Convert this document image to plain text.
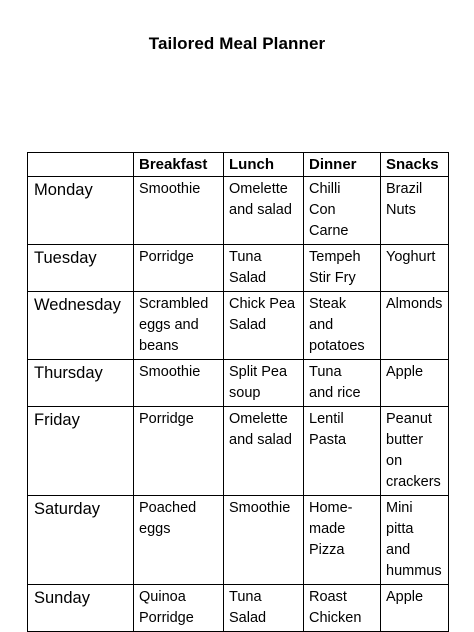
Tailored Meal Planner
	Breakfast	Lunch	Dinner	Snacks
Monday	Smoothie	Omelette
and salad	Chilli
Con
Carne	Brazil
Nuts

Tuesday	Porridge	Tuna
Salad	Tempeh
Stir Fry	Yoghurt

Wednesday	Scrambled
eggs and
beans	Chick Pea
Salad	Steak
and
potatoes	Almonds

Thursday	Smoothie	Split Pea
soup	Tuna
and rice	Apple

Friday	Porridge	Omelette
and salad	Lentil
Pasta	Peanut
butter
on
crackers

Saturday	Poached
eggs	Smoothie	Home-
made
Pizza	Mini
pitta
and
hummus

Sunday	Quinoa
Porridge	Tuna
Salad	Roast
Chicken	Apple
